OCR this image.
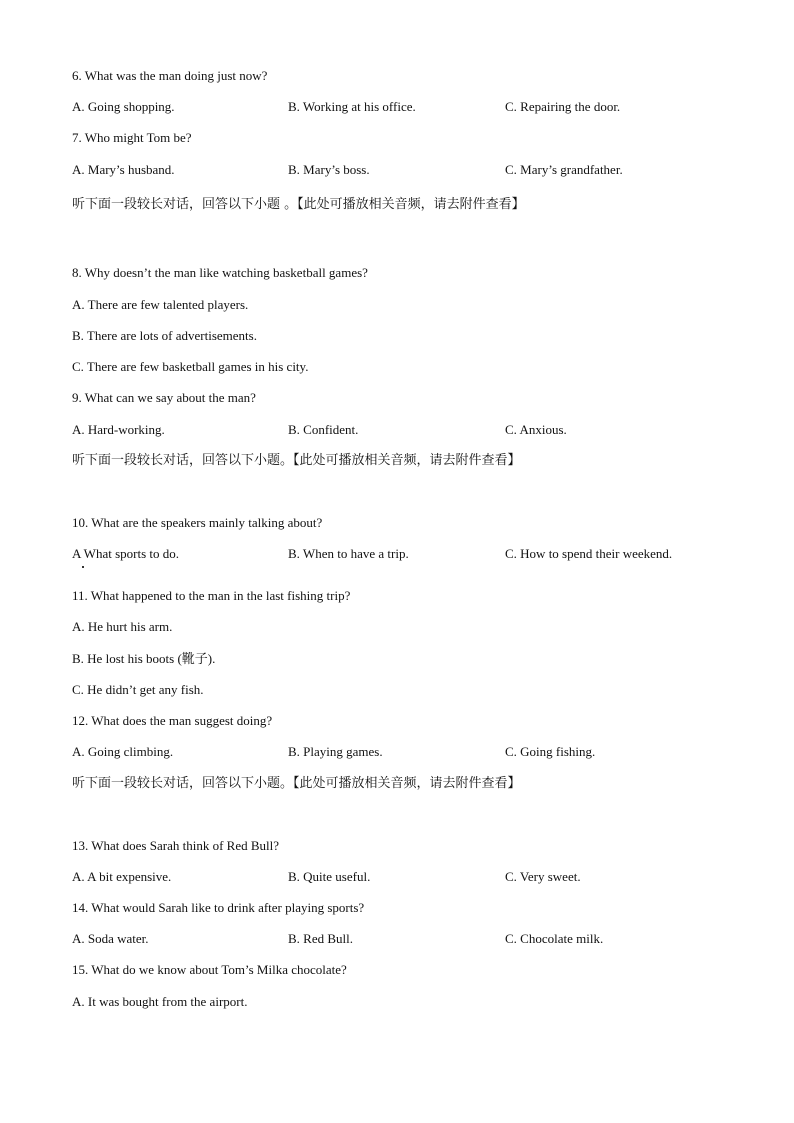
6. What was the man doing just now?
A. Going shopping.	B. Working at his office.	C. Repairing the door.
7. Who might Tom be?
A. Mary’s husband.	B. Mary’s boss.	C. Mary’s grandfather.
听下面一段较长对话，回答以下小题 。【此处可播放相关音频，请去附件查看】
8. Why doesn’t the man like watching basketball games?
A. There are few talented players.
B. There are lots of advertisements.
C. There are few basketball games in his city.
9. What can we say about the man?
A. Hard-working.	B. Confident.	C. Anxious.
听下面一段较长对话，回答以下小题。【此处可播放相关音频，请去附件查看】
10. What are the speakers mainly talking about?
A What sports to do.	B. When to have a trip.	C. How to spend their weekend.
11. What happened to the man in the last fishing trip?
A. He hurt his arm.
B. He lost his boots (靴子).
C. He didn’t get any fish.
12. What does the man suggest doing?
A. Going climbing.	B. Playing games.	C. Going fishing.
听下面一段较长对话，回答以下小题。【此处可播放相关音频，请去附件查看】
13. What does Sarah think of Red Bull?
A. A bit expensive.	B. Quite useful.	C. Very sweet.
14. What would Sarah like to drink after playing sports?
A. Soda water.	B. Red Bull.	C. Chocolate milk.
15. What do we know about Tom’s Milka chocolate?
A. It was bought from the airport.
